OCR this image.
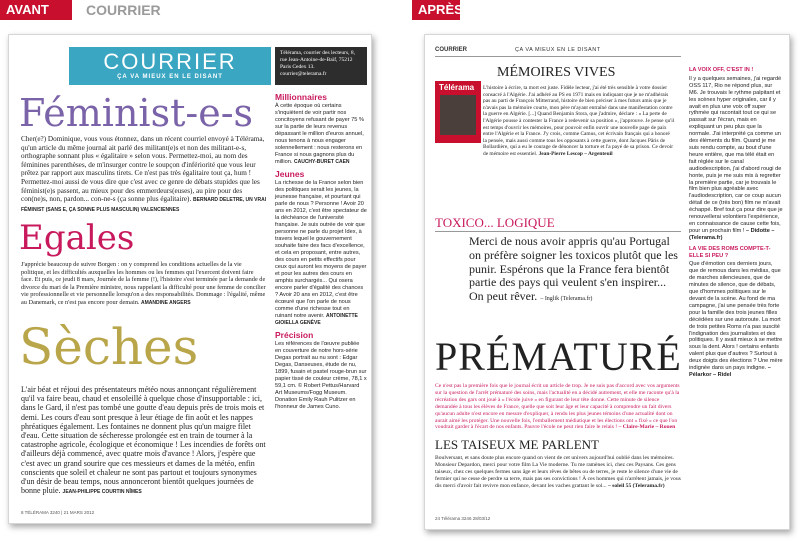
AVANT	COURRIER	APRÈS
COURRIER
ÇA VA MIEUX EN LE DISANT
Télérama, courrier des lecteurs, 8, rue Jean-Antoine-de-Baïf, 75212 Paris Cedex 13. courrier@telerama.fr
Féminist-e-s
Cher(e?) Dominique, vous vous étonnez, dans un récent courriel envoyé à Télérama, qu'un article du même journal ait parlé des militant(e)s et non des militant-e-s, orthographe sonnant plus « égalitaire » selon vous. Permettez-moi, au nom des féminines parenthèses, de m'insurger contre le soupçon d'infériorité que vous leur prêtez par rapport aux masculins tirets. Ce n'est pas très égalitaire tout ça, hum ! Permettez-moi aussi de vous dire que c'est avec ce genre de débats stupides que les féminist(e)s passent, au mieux pour des emmerdeurs(euses), au pire pour des con(ne)s, non, pardon... con-ne-s (ça sonne plus égalitaire). BERNARD DELETRE, UN VRAI FÉMINIST (SANS E, ÇA SONNE PLUS MASCULIN) VALENCIENNES
Egales
J'apprécie beaucoup de suivre Borgen : on y comprend les conditions actuelles de la vie politique, et les difficultés auxquelles les hommes ou les femmes qui l'exercent doivent faire face. Et puis, ce jeudi 8 mars, Journée de la femme (!), l'histoire s'est terminée par la demande de divorce du mari de la Première ministre, nous rappelant la difficulté pour une femme de concilier vie professionnelle et vie personnelle lorsqu'on a des responsabilités. Dommage : l'égalité, même au Danemark, ce n'est pas encore pour demain. AMANDINE ANGERS
Sèches
L'air béat et réjoui des présentateurs météo nous annonçant régulièrement qu'il va faire beau, chaud et ensoleillé à quelque chose d'insupportable : ici, dans le Gard, il n'est pas tombé une goutte d'eau depuis près de trois mois et demi. Les cours d'eau sont presque à leur étiage de fin août et les nappes phréatiques également. Les fontaines ne donnent plus qu'un maigre filet d'eau. Cette situation de sécheresse prolongée est en train de tourner à la catastrophe agricole, écologique et économique ! Les incendies de forêts ont d'ailleurs déjà commencé, avec quatre mois d'avance ! Alors, j'espère que c'est avec un grand sourire que ces messieurs et dames de la météo, enfin conscients que soleil et chaleur ne sont pas partout et toujours synonymes d'un désir de beau temps, nous annonceront bientôt quelques journées de bonne pluie. JEAN-PHILIPPE COURTIN NÎMES
Millionnaires

À cette époque où certains s'inquiètent de voir partir nos concitoyens refusant de payer 75 % sur la partie de leurs revenus dépassant le million d'euros annuel, nous tenons à nous engager solennellement : nous resterons en France si nous gagnons plus du million. CAUCHY-BURET CAEN

Jeunes

La richesse de la France selon bien des politiques serait les jeunes, la jeunesse française, et pourtant qui parle de nous ? Personne ! Avoir 20 ans en 2012, c'est être spectateur de la déchéance de l'université française. Je suis outrée de voir que personne ne parle du projet Idex, à travers lequel le gouvernement souhaite faire des facs d'excellence, et cela en proposant, entre autres, des cours en petits effectifs pour ceux qui auront les moyens de payer et pour les autres des cours en amphis surchargés... Qui osera encore parler d'égalité des chances ? Avoir 20 ans en 2012, c'est être écœuré que l'on parle de nous comme d'une richesse tout en ruinant notre avenir. ANTOINETTE GIOIELLA GENÈVE

Précision

Les références de l'œuvre publiée en couverture de notre hors-série Degas portrait au nu sont : Edgar Degas, Danseuses, étude de nu, 1899, fusain et pastel rouge-brun sur papier tissé de couleur crème, 78,1 x 59,1 cm. © Robert Pettus/Harvard Art Museums/Fogg Museum. Donation Emily Rauh Pulitzer en l'honneur de James Cuno.

8 TÉLÉRAMA 3240 | 21 MARS 2012
COURRIER	ÇA VA MIEUX EN LE DISANT
MÉMOIRES VIVES
Télérama L'histoire à écrire, ta mort est juste. Fidèle lecteur, j'ai été très sensible à votre dossier consacré à l'Algérie. J'ai adhéré au PS en 1971 mais en indiquant que je ne m'adhérais pas au parti de François Mitterrand, histoire de bien préciser à mes futurs amis que je n'avais pas la mémoire courte, mon père m'ayant entraîné dans une manifestation contre la guerre en Algérie. [...] Quand Benjamin Stora, que j'admire, déclare : « La perte de l'Algérie pousse à contester la France à redevenir sa position », j'approuve. Je pense qu'il est temps d'ouvrir les mémoires, pour pouvoir enfin ouvrir une nouvelle page de paix entre l'Algérie et la France. J'y crois, comme Camus, cet écrivain français qui a honoré la pensée, mais aussi comme tous les opposants à cette guerre, dont Jacques Pâris de Bollardière, qui a eu le courage de dénoncer la torture et l'a payé de sa prison. Ce devoir de mémoire est essentiel. Jean-Pierre Lescop – Argenteuil
TOXICO... LOGIQUE
Merci de nous avoir appris qu'au Portugal on préfère soigner les toxicos plutôt que les punir. Espérons que la France fera bientôt partie des pays qui veulent s'en inspirer... On peut rêver. – Inglik (Telerama.fr)
PRÉMATURÉ
Ce n'est pas la première fois que le journal écrit un article de trop. Je ne suis pas d'accord avec vos arguments sur la question de l'arrêt prématuré des soins, mais l'actualité en a décidé autrement, et elle me raconte qu'à la récréation des gars ont joué à « l'école juive » en figurant de leur tête donne. Cette minute de silence demandée à tous les élèves de France, quelle que soit leur âge et leur capacité à comprendre un fait divers qu'aucun adulte n'est encore en mesure d'expliquer, à rendu les plus jeunes témoins d'une actualité dont on aurait aimé les protéger. Une nouvelle fois, l'emballement médiatique et les élections ont « fixé » ce que l'on voudrait garder à l'écart de nos enfants. Pauvre l'école ne peut rien faire le relais ! – Claire-Marie – Rouen
LES TAISEUX ME PARLENT
Boulversant, et sans doute plus encore quand on vient de cet univers aujourd'hui oublié dans les mémoires. Monsieur Depardon, merci pour votre film La Vie moderne. Tu me ramènes ici, chez ces Paysans. Ces gens taiseux, chez ces quelques fermes sans âge et leurs rêves de bêtes ou de terres, je reste le silence d'une vie de fermier qui ne cesse de perdre sa terre, mais pas ses convictions ! À ces hommes qui n'arrêtent jamais, je vous dis merci d'avoir fait revivre mon enfance, devant les vaches grattant le sol... – soleil 55 (Telerama.fr)
LA VOIX OFF, C'EST IN !

Il y a quelques semaines, j'ai regardé OSS 117, Rio ne répond plus, sur M6. Je trouvais le rythme palpitant et les scènes hyper originales, car il y avait en plus une voix off super rythmée qui racontait tout ce qui se passait sur l'écran, mais en expliquant un peu plus que la normale. J'ai interprété ça comme un des éléments du film. Quand je me suis rendu compte, au bout d'une heure entière, que ma télé était en fait réglée sur le canal audiodescription, j'ai d'abord rougi de honte, puis je me suis mis à regretter la première partie, car je trouvais le film bien plus agréable avec l'audiodescription, car ce coup aucun détail de ce (très bon) film ne m'avait échappé. Bref tout ça pour dire que je renouvellerai volontiers l'expérience, en connaissance de cause cette fois, pour un prochain film ! – Didotte – (Telerama.fr)

LA VIE DES ROMS COMPTE-T-ELLE SI PEU ?

Que d'émotion ces derniers jours, que de remous dans les médias, que de marches silencieuses, que de minutes de silence, que de débats, que d'hommes politiques sur le devant de la scène. Au fond de ma campagne, j'ai une pensée très forte pour la famille des trois jeunes filles décédées sur une autoroute. La mort de trois petites Roms n'a pas suscité l'indignation des journalistes et des politiques. Il y avait mieux à se mettre sous la dent. Alors ! certains enfants valent plus que d'autres ? Surtout à deux doigts des élections ? Une mère indignée dans un pays indigne. – Pélarkor – Ridel

24 Télérama 3246 28/03/12
